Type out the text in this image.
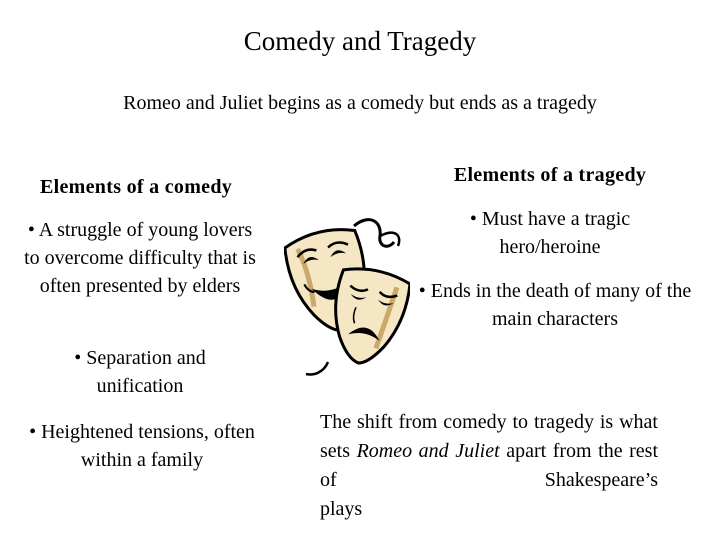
Comedy and Tragedy
Romeo and Juliet begins as a comedy but ends as a tragedy
Elements of a comedy
• A struggle of young lovers to overcome difficulty that is often presented by elders
• Separation and unification
• Heightened tensions, often within a family
Elements of a tragedy
• Must have a tragic hero/heroine
• Ends in the death of many of the main characters
The shift from comedy to tragedy is what sets Romeo and Juliet apart from the rest of Shakespeare’s
plays
